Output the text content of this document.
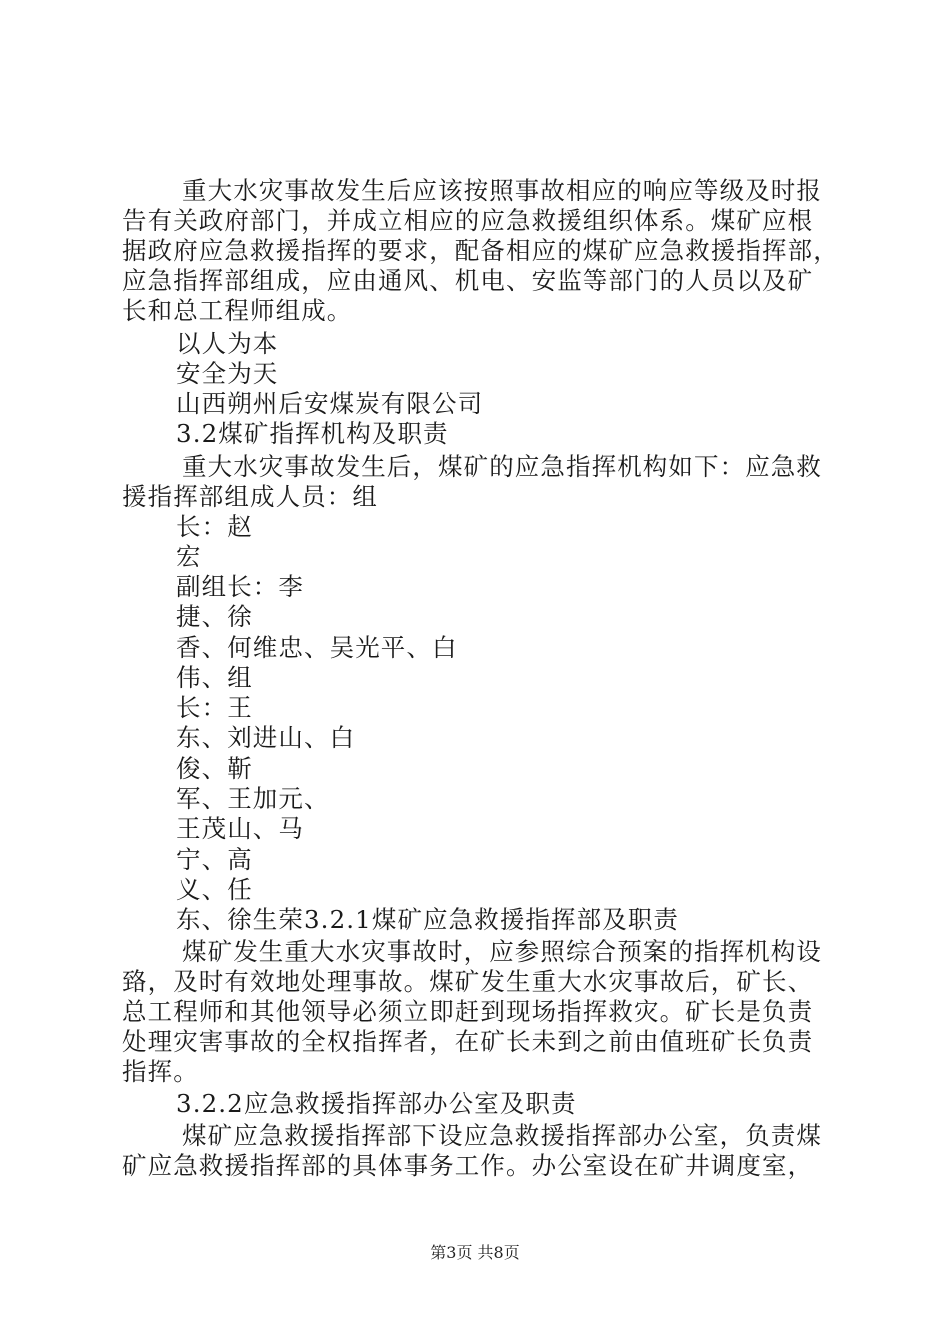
重大水灾事故发生后应该按照事故相应的响应等级及时报
告有关政府部门，并成立相应的应急救援组织体系。煤矿应根
据政府应急救援指挥的要求，配备相应的煤矿应急救援指挥部，
应急指挥部组成，应由通风、机电、安监等部门的人员以及矿
长和总工程师组成。
以人为本
安全为天
山西朔州后安煤炭有限公司
3.2煤矿指挥机构及职责
重大水灾事故发生后，煤矿的应急指挥机构如下：应急救
援指挥部组成人员：组
长：赵
宏
副组长：李
捷、徐
香、何维忠、吴光平、白
伟、组
长：王
东、刘进山、白
俊、靳
军、王加元、
王茂山、马
宁、高
义、任
东、徐生荣3.2.1煤矿应急救援指挥部及职责
煤矿发生重大水灾事故时，应参照综合预案的指挥机构设
臵，及时有效地处理事故。煤矿发生重大水灾事故后，矿长、
总工程师和其他领导必须立即赶到现场指挥救灾。矿长是负责
处理灾害事故的全权指挥者，在矿长未到之前由值班矿长负责
指挥。
3.2.2应急救援指挥部办公室及职责
煤矿应急救援指挥部下设应急救援指挥部办公室，负责煤
矿应急救援指挥部的具体事务工作。办公室设在矿井调度室，
第3页 共8页
